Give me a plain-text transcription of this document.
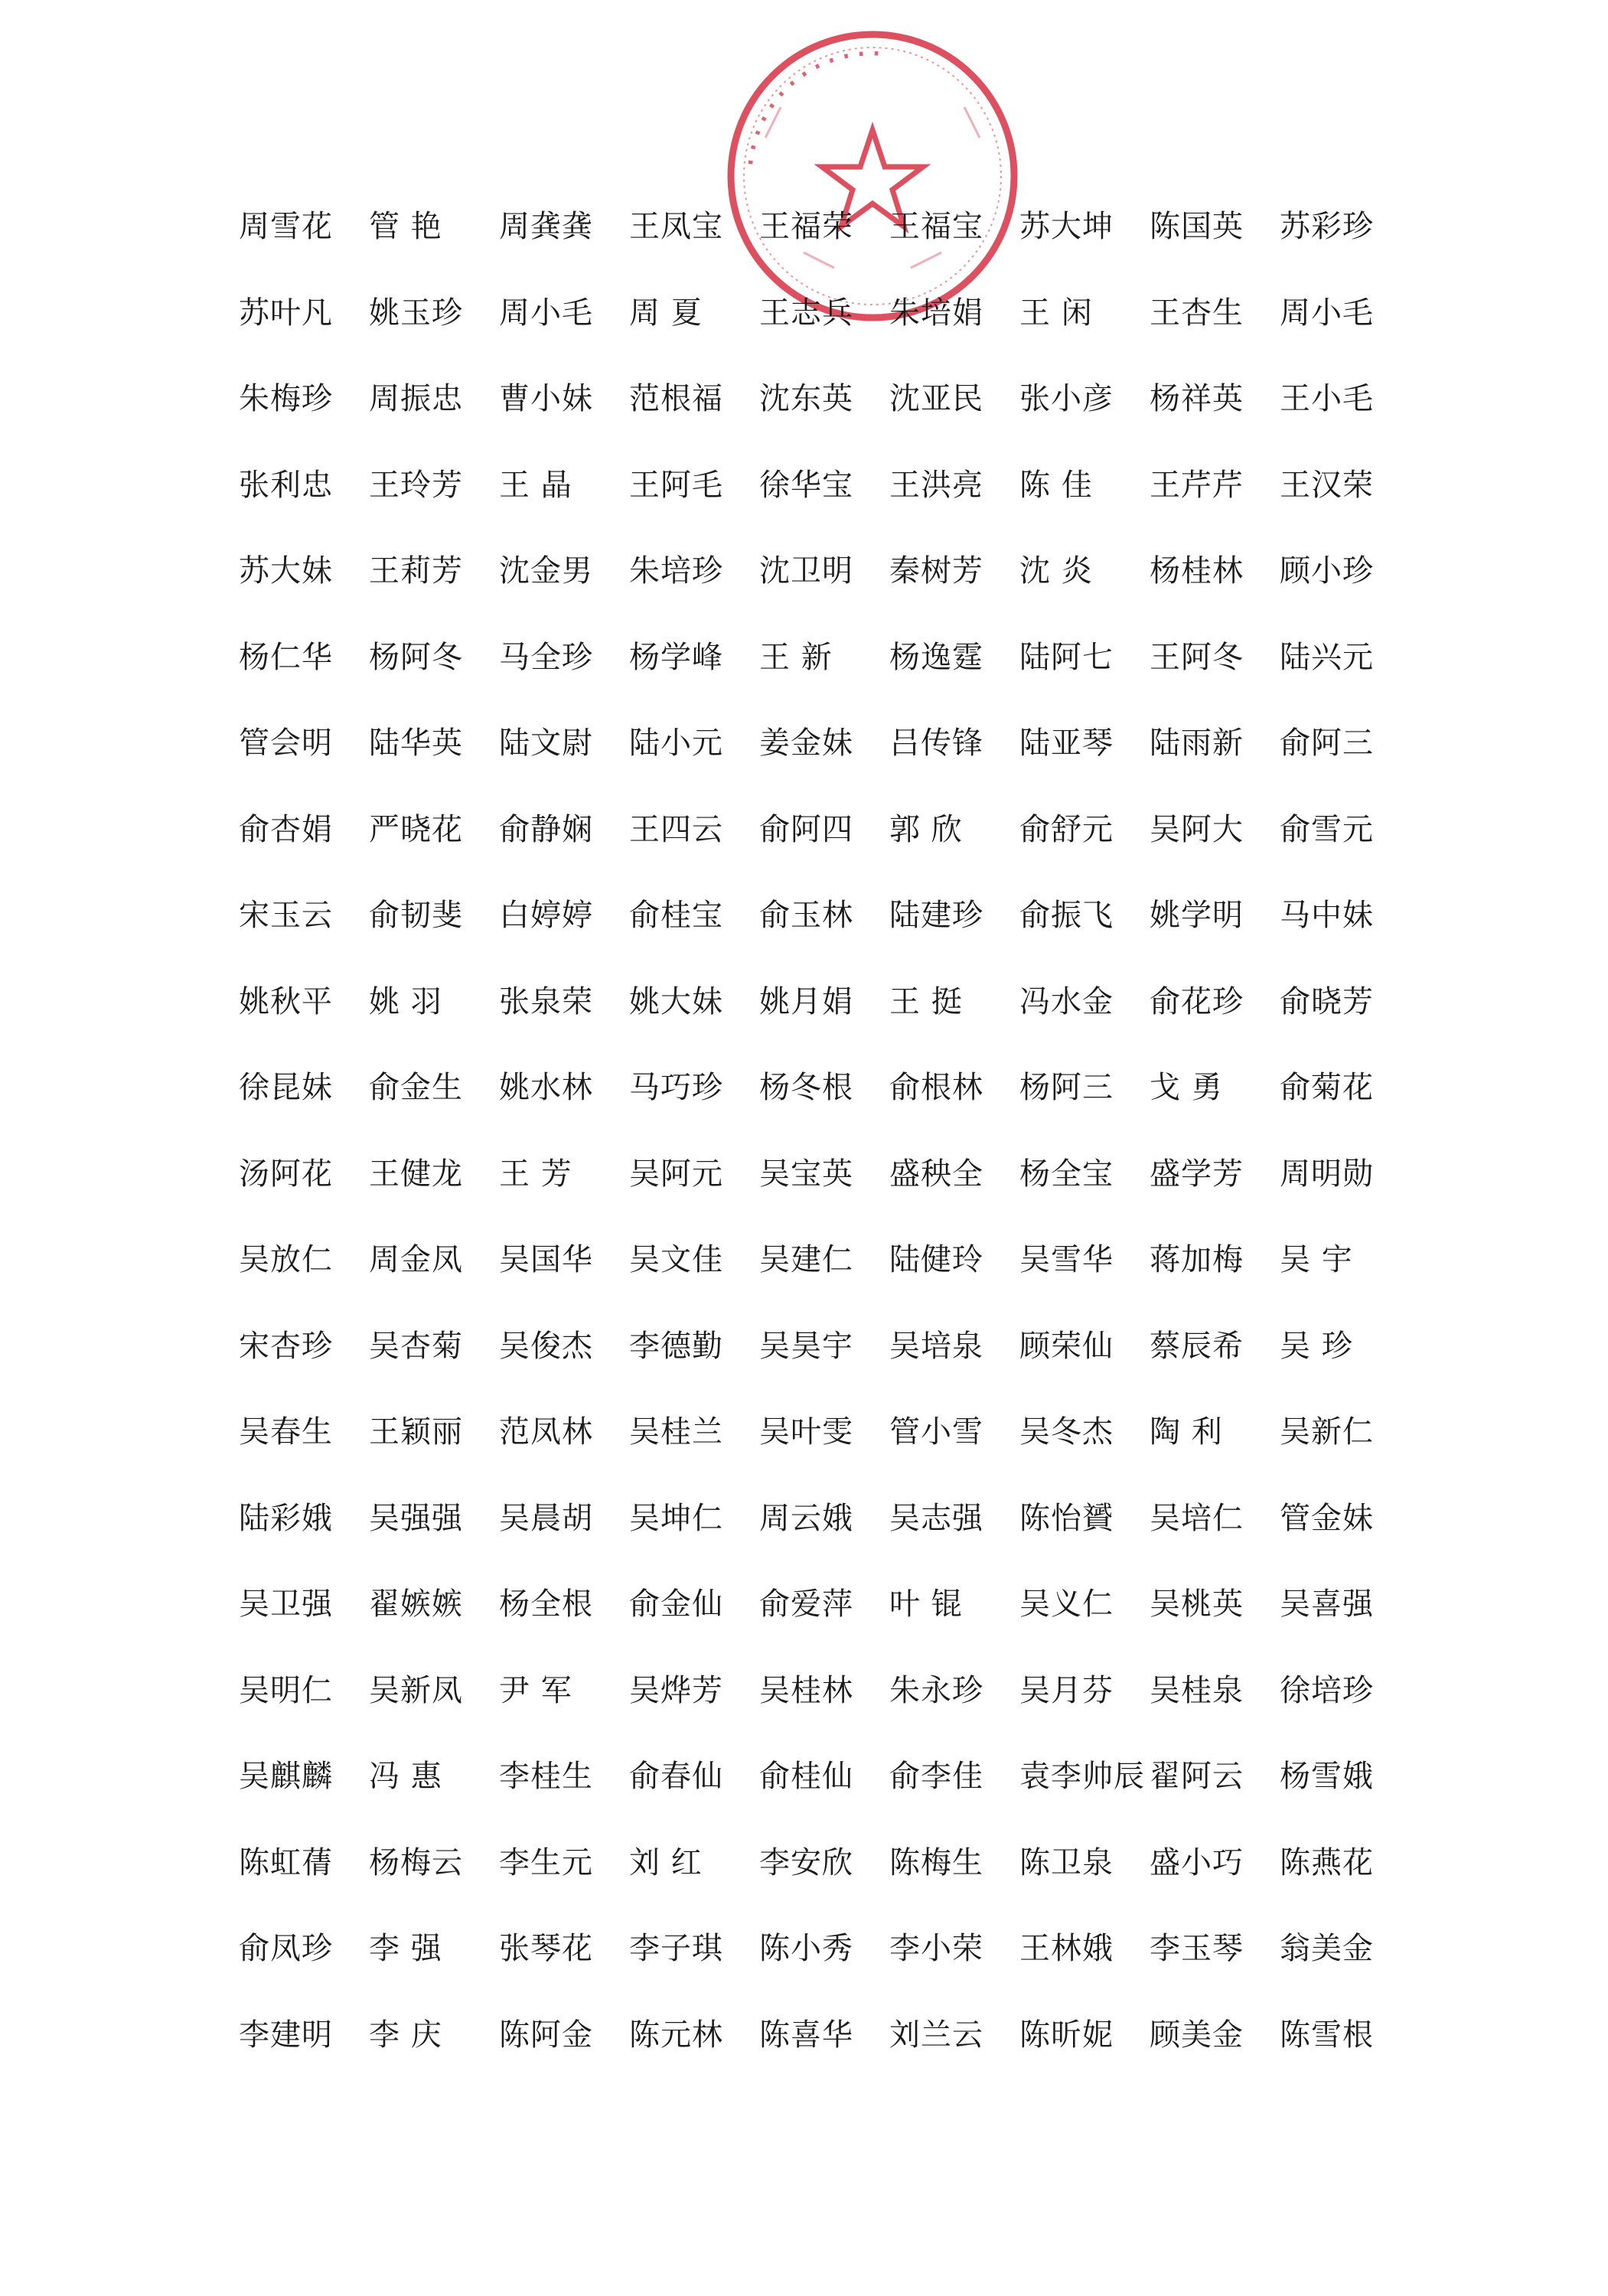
·············
周雪花 管 艳	周龚龚 王凤宝 王福荣 王福宝 苏大坤 陈国英 苏彩珍
苏叶凡 姚玉珍 周小毛 周 夏	王志兵 朱培娟 王 闲	王杏生 周小毛
朱梅珍 周振忠 曹小妹 范根福 沈东英 沈亚民 张小彦 杨祥英 王小毛
张利忠 王玲芳 王 晶	王阿毛 徐华宝 王洪亮 陈 佳	王芹芹 王汉荣
苏大妹 王莉芳 沈金男 朱培珍 沈卫明 秦树芳 沈 炎	杨桂林 顾小珍
杨仁华 杨阿冬 马全珍 杨学峰 王 新	杨逸霆 陆阿七 王阿冬 陆兴元
管会明 陆华英 陆文尉 陆小元 姜金妹 吕传锋 陆亚琴 陆雨新 俞阿三
俞杏娟 严晓花 俞静娴 王四云 俞阿四 郭 欣	俞舒元 吴阿大 俞雪元
宋玉云 俞韧斐 白婷婷 俞桂宝 俞玉林 陆建珍 俞振飞 姚学明 马中妹
姚秋平 姚 羽	张泉荣 姚大妹 姚月娟 王 挺	冯水金 俞花珍 俞晓芳
徐昆妹 俞金生 姚水林 马巧珍 杨冬根 俞根林 杨阿三 戈 勇	俞菊花
汤阿花 王健龙 王 芳	吴阿元 吴宝英 盛秧全 杨全宝 盛学芳 周明勋
吴放仁 周金凤 吴国华 吴文佳 吴建仁 陆健玲 吴雪华 蒋加梅 吴 宇
宋杏珍 吴杏菊 吴俊杰 李德勤 吴昊宇 吴培泉 顾荣仙 蔡辰希 吴 珍
吴春生 王颖丽 范凤林 吴桂兰 吴叶雯 管小雪 吴冬杰 陶 利	吴新仁
陆彩娥 吴强强 吴晨胡 吴坤仁 周云娥 吴志强 陈怡贇 吴培仁 管金妹
吴卫强 翟嫉嫉 杨全根 俞金仙 俞爱萍 叶 锟	吴义仁 吴桃英 吴喜强
吴明仁 吴新凤 尹 军	吴烨芳 吴桂林 朱永珍 吴月芬 吴桂泉 徐培珍
吴麒麟 冯 惠	李桂生 俞春仙 俞桂仙 俞李佳 袁李帅辰 翟阿云 杨雪娥
陈虹蒨 杨梅云 李生元 刘 红	李安欣 陈梅生 陈卫泉 盛小巧 陈燕花
俞凤珍 李 强	张琴花 李子琪 陈小秀 李小荣 王林娥 李玉琴 翁美金
李建明 李 庆	陈阿金 陈元林 陈喜华 刘兰云 陈昕妮 顾美金 陈雪根
